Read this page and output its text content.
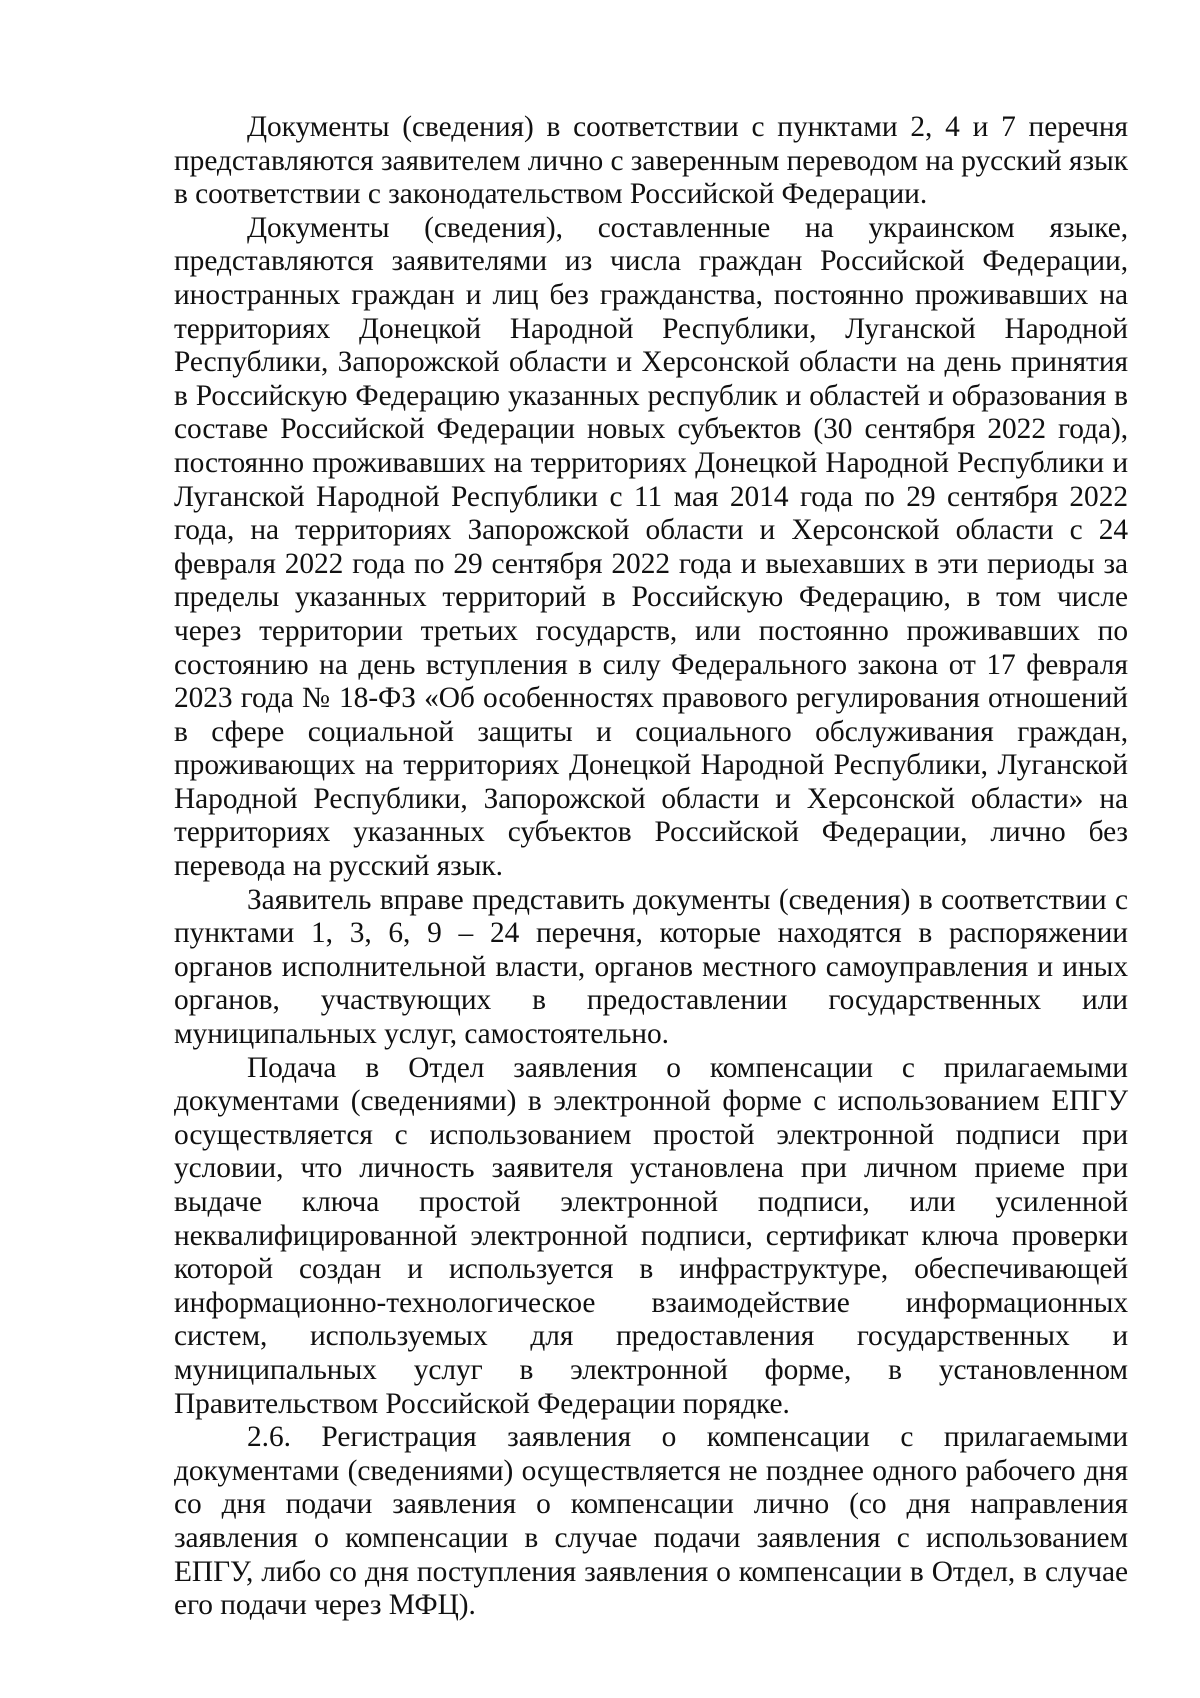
Документы (сведения) в соответствии с пунктами 2, 4 и 7 перечня представляются заявителем лично с заверенным переводом на русский язык в соответствии с законодательством Российской Федерации.

Документы (сведения), составленные на украинском языке, представляются заявителями из числа граждан Российской Федерации, иностранных граждан и лиц без гражданства, постоянно проживавших на территориях Донецкой Народной Республики, Луганской Народной Республики, Запорожской области и Херсонской области на день принятия в Российскую Федерацию указанных республик и областей и образования в составе Российской Федерации новых субъектов (30 сентября 2022 года), постоянно проживавших на территориях Донецкой Народной Республики и Луганской Народной Республики с 11 мая 2014 года по 29 сентября 2022 года, на территориях Запорожской области и Херсонской области с 24 февраля 2022 года по 29 сентября 2022 года и выехавших в эти периоды за пределы указанных территорий в Российскую Федерацию, в том числе через территории третьих государств, или постоянно проживавших по состоянию на день вступления в силу Федерального закона от 17 февраля 2023 года № 18-ФЗ «Об особенностях правового регулирования отношений в сфере социальной защиты и социального обслуживания граждан, проживающих на территориях Донецкой Народной Республики, Луганской Народной Республики, Запорожской области и Херсонской области» на территориях указанных субъектов Российской Федерации, лично без перевода на русский язык.

Заявитель вправе представить документы (сведения) в соответствии с пунктами 1, 3, 6, 9 – 24 перечня, которые находятся в распоряжении органов исполнительной власти, органов местного самоуправления и иных органов, участвующих в предоставлении государственных или муниципальных услуг, самостоятельно.

Подача в Отдел заявления о компенсации с прилагаемыми документами (сведениями) в электронной форме с использованием ЕПГУ осуществляется с использованием простой электронной подписи при условии, что личность заявителя установлена при личном приеме при выдаче ключа простой электронной подписи, или усиленной неквалифицированной электронной подписи, сертификат ключа проверки которой создан и используется в инфраструктуре, обеспечивающей информационно-технологическое взаимодействие информационных систем, используемых для предоставления государственных и муниципальных услуг в электронной форме, в установленном Правительством Российской Федерации порядке.

2.6. Регистрация заявления о компенсации с прилагаемыми документами (сведениями) осуществляется не позднее одного рабочего дня со дня подачи заявления о компенсации лично (со дня направления заявления о компенсации в случае подачи заявления с использованием ЕПГУ, либо со дня поступления заявления о компенсации в Отдел, в случае его подачи через МФЦ).
